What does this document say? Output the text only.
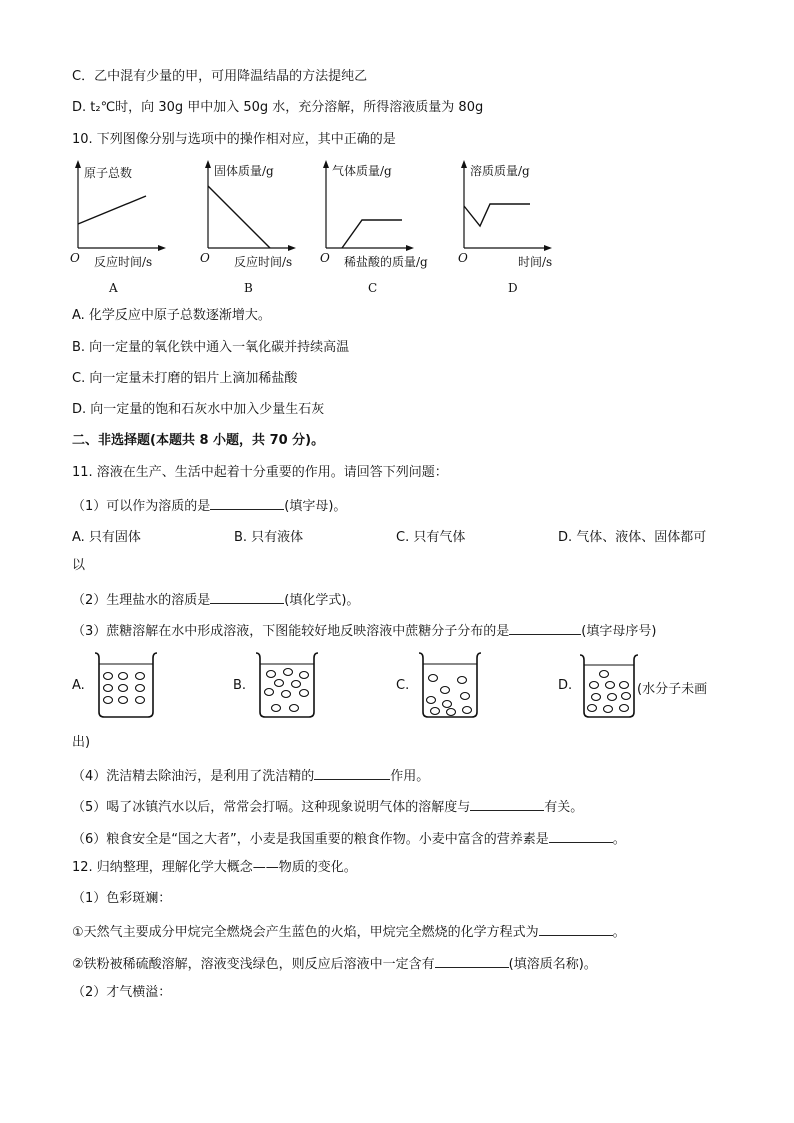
C．乙中混有少量的甲，可用降温结晶的方法提纯乙
D. t₂℃时，向 30g 甲中加入 50g 水，充分溶解，所得溶液质量为 80g
10. 下列图像分别与选项中的操作相对应，其中正确的是
原子总数
O 反应时间/s
A
固体质量/g
O 反应时间/s
B
气体质量/g
O 稀盐酸的质量/g
C
溶质质量/g
O	时间/s
D
A. 化学反应中原子总数逐渐增大。
B. 向一定量的氧化铁中通入一氧化碳并持续高温
C. 向一定量未打磨的铝片上滴加稀盐酸
D. 向一定量的饱和石灰水中加入少量生石灰
二、非选择题(本题共 8 小题，共 70 分)。
11. 溶液在生产、生活中起着十分重要的作用。请回答下列问题：
（1）可以作为溶质的是	(填字母)。
A. 只有固体	B. 只有液体	C. 只有气体	D. 气体、液体、固体都可
以
（2）生理盐水的溶质是	(填化学式)。
（3）蔗糖溶解在水中形成溶液，下图能较好地反映溶液中蔗糖分子分布的是	(填字母序号)
A.	B.	C.	D.	(水分子未画
出)
（4）洗洁精去除油污，是利用了洗洁精的	作用。
（5）喝了冰镇汽水以后，常常会打嗝。这种现象说明气体的溶解度与	有关。
（6）粮食安全是“国之大者”，小麦是我国重要的粮食作物。小麦中富含的营养素是	。
12. 归纳整理，理解化学大概念——物质的变化。
（1）色彩斑斓：
①天然气主要成分甲烷完全燃烧会产生蓝色的火焰，甲烷完全燃烧的化学方程式为	。
②铁粉被稀硫酸溶解，溶液变浅绿色，则反应后溶液中一定含有	(填溶质名称)。
（2）才气横溢：
